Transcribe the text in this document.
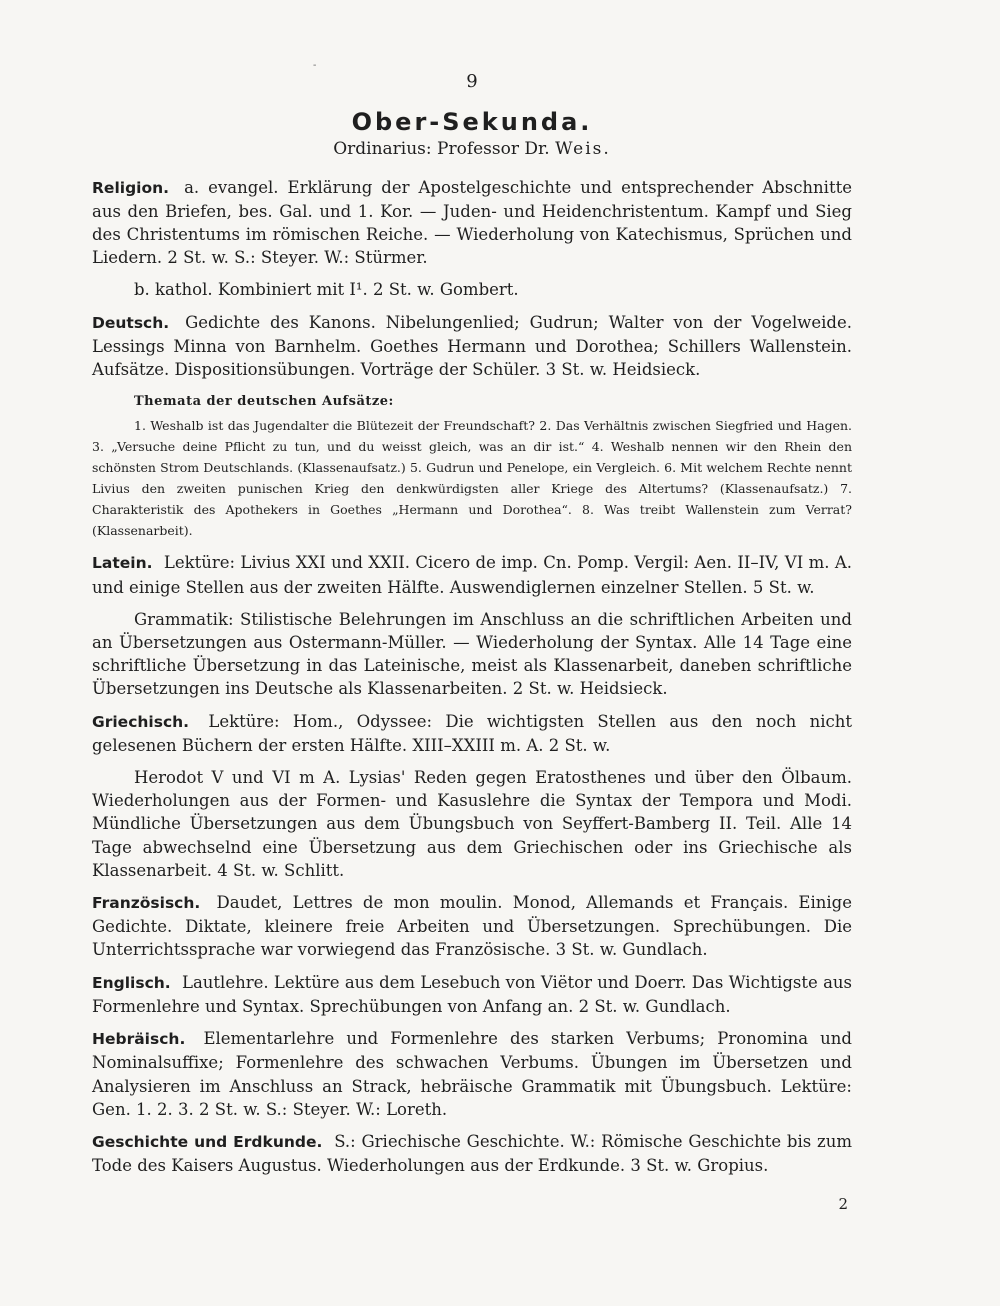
-
9
Ober-Sekunda.
Ordinarius: Professor Dr. Weis.

Religion. a. evangel. Erklärung der Apostelgeschichte und entsprechender Abschnitte aus den Briefen, bes. Gal. und 1. Kor. — Juden- und Heidenchristentum. Kampf und Sieg des Christentums im römischen Reiche. — Wiederholung von Katechismus, Sprüchen und Liedern. 2 St. w. S.: Steyer. W.: Stürmer.

b. kathol. Kombiniert mit I¹. 2 St. w. Gombert.

Deutsch. Gedichte des Kanons. Nibelungenlied; Gudrun; Walter von der Vogelweide. Lessings Minna von Barnhelm. Goethes Hermann und Dorothea; Schillers Wallenstein. Aufsätze. Dispositionsübungen. Vorträge der Schüler. 3 St. w. Heidsieck.

Themata der deutschen Aufsätze:
1. Weshalb ist das Jugendalter die Blütezeit der Freundschaft? 2. Das Verhältnis zwischen Siegfried und Hagen. 3. „Versuche deine Pflicht zu tun, und du weisst gleich, was an dir ist.“ 4. Weshalb nennen wir den Rhein den schönsten Strom Deutschlands. (Klassenaufsatz.) 5. Gudrun und Penelope, ein Vergleich. 6. Mit welchem Rechte nennt Livius den zweiten punischen Krieg den denkwürdigsten aller Kriege des Altertums? (Klassenaufsatz.) 7. Charakteristik des Apothekers in Goethes „Hermann und Dorothea“. 8. Was treibt Wallenstein zum Verrat? (Klassenarbeit).

Latein. Lektüre: Livius XXI und XXII. Cicero de imp. Cn. Pomp. Vergil: Aen. II–IV, VI m. A. und einige Stellen aus der zweiten Hälfte. Auswendiglernen einzelner Stellen. 5 St. w.

Grammatik: Stilistische Belehrungen im Anschluss an die schriftlichen Arbeiten und an Übersetzungen aus Ostermann-Müller. — Wiederholung der Syntax. Alle 14 Tage eine schriftliche Übersetzung in das Lateinische, meist als Klassenarbeit, daneben schriftliche Übersetzungen ins Deutsche als Klassenarbeiten. 2 St. w. Heidsieck.

Griechisch. Lektüre: Hom., Odyssee: Die wichtigsten Stellen aus den noch nicht gelesenen Büchern der ersten Hälfte. XIII–XXIII m. A. 2 St. w.

Herodot V und VI m A. Lysias' Reden gegen Eratosthenes und über den Ölbaum. Wiederholungen aus der Formen- und Kasuslehre die Syntax der Tempora und Modi. Mündliche Übersetzungen aus dem Übungsbuch von Seyffert-Bamberg II. Teil. Alle 14 Tage abwechselnd eine Übersetzung aus dem Griechischen oder ins Griechische als Klassenarbeit. 4 St. w. Schlitt.

Französisch. Daudet, Lettres de mon moulin. Monod, Allemands et Français. Einige Gedichte. Diktate, kleinere freie Arbeiten und Übersetzungen. Sprechübungen. Die Unterrichtssprache war vorwiegend das Französische. 3 St. w. Gundlach.

Englisch. Lautlehre. Lektüre aus dem Lesebuch von Viëtor und Doerr. Das Wichtigste aus Formenlehre und Syntax. Sprechübungen von Anfang an. 2 St. w. Gundlach.

Hebräisch. Elementarlehre und Formenlehre des starken Verbums; Pronomina und Nominalsuffixe; Formenlehre des schwachen Verbums. Übungen im Übersetzen und Analysieren im Anschluss an Strack, hebräische Grammatik mit Übungsbuch. Lektüre: Gen. 1. 2. 3. 2 St. w. S.: Steyer. W.: Loreth.

Geschichte und Erdkunde. S.: Griechische Geschichte. W.: Römische Geschichte bis zum Tode des Kaisers Augustus. Wiederholungen aus der Erdkunde. 3 St. w. Gropius.

2
